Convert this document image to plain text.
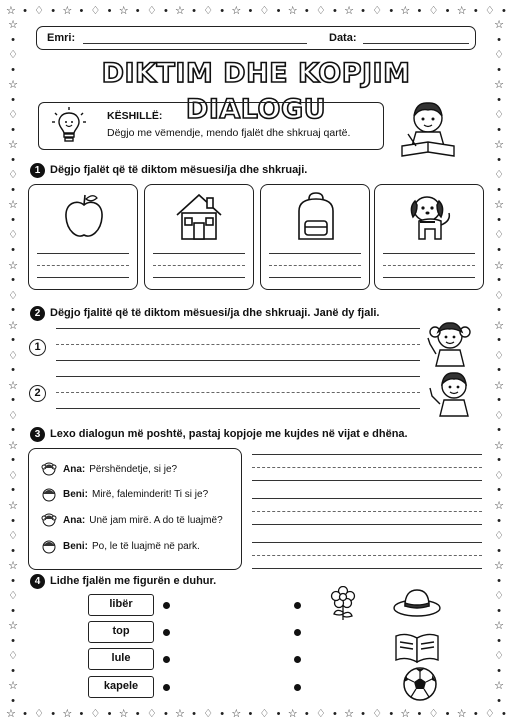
☆ • ♢ • ☆ • ♢ • ☆ • ♢ • ☆ • ♢ • ☆ • ♢ • ☆ • ♢ • ☆ • ♢ • ☆ • ♢ • ☆ • ♢ •
☆ • ♢ • ☆ • ♢ • ☆ • ♢ • ☆ • ♢ • ☆ • ♢ • ☆ • ♢ • ☆ • ♢ • ☆ • ♢ • ☆ • ♢ •
☆
•
♢
•
☆
•
♢
•
☆
•
♢
•
☆
•
♢
•
☆
•
♢
•
☆
•
♢
•
☆
•
♢
•
☆
•
♢
•
☆
•
♢
•
☆
•
♢
•
☆
•
♢
•
☆
•
☆
•
♢
•
☆
•
♢
•
☆
•
♢
•
☆
•
♢
•
☆
•
♢
•
☆
•
♢
•
☆
•
♢
•
☆
•
♢
•
☆
•
♢
•
☆
•
♢
•
☆
•
♢
•
☆
•
Emri:	Data:
DIKTIM DHE KOPJIM DIALOGU
KËSHILLË:
Dëgjo me vëmendje, mendo fjalët dhe shkruaj qartë.
1 Dëgjo fjalët që të diktom mësuesi/ja dhe shkruaji.
2 Dëgjo fjalitë që të diktom mësuesi/ja dhe shkruaji. Janë dy fjali.
1
2
3 Lexo dialogun më poshtë, pastaj kopjoje me kujdes në vijat e dhëna.
Ana: Përshëndetje, si je?
Beni: Mirë, faleminderit! Ti si je?
Ana: Unë jam mirë. A do të luajmë?
Beni: Po, le të luajmë në park.
4 Lidhe fjalën me figurën e duhur.
libër
top
lule
kapele
